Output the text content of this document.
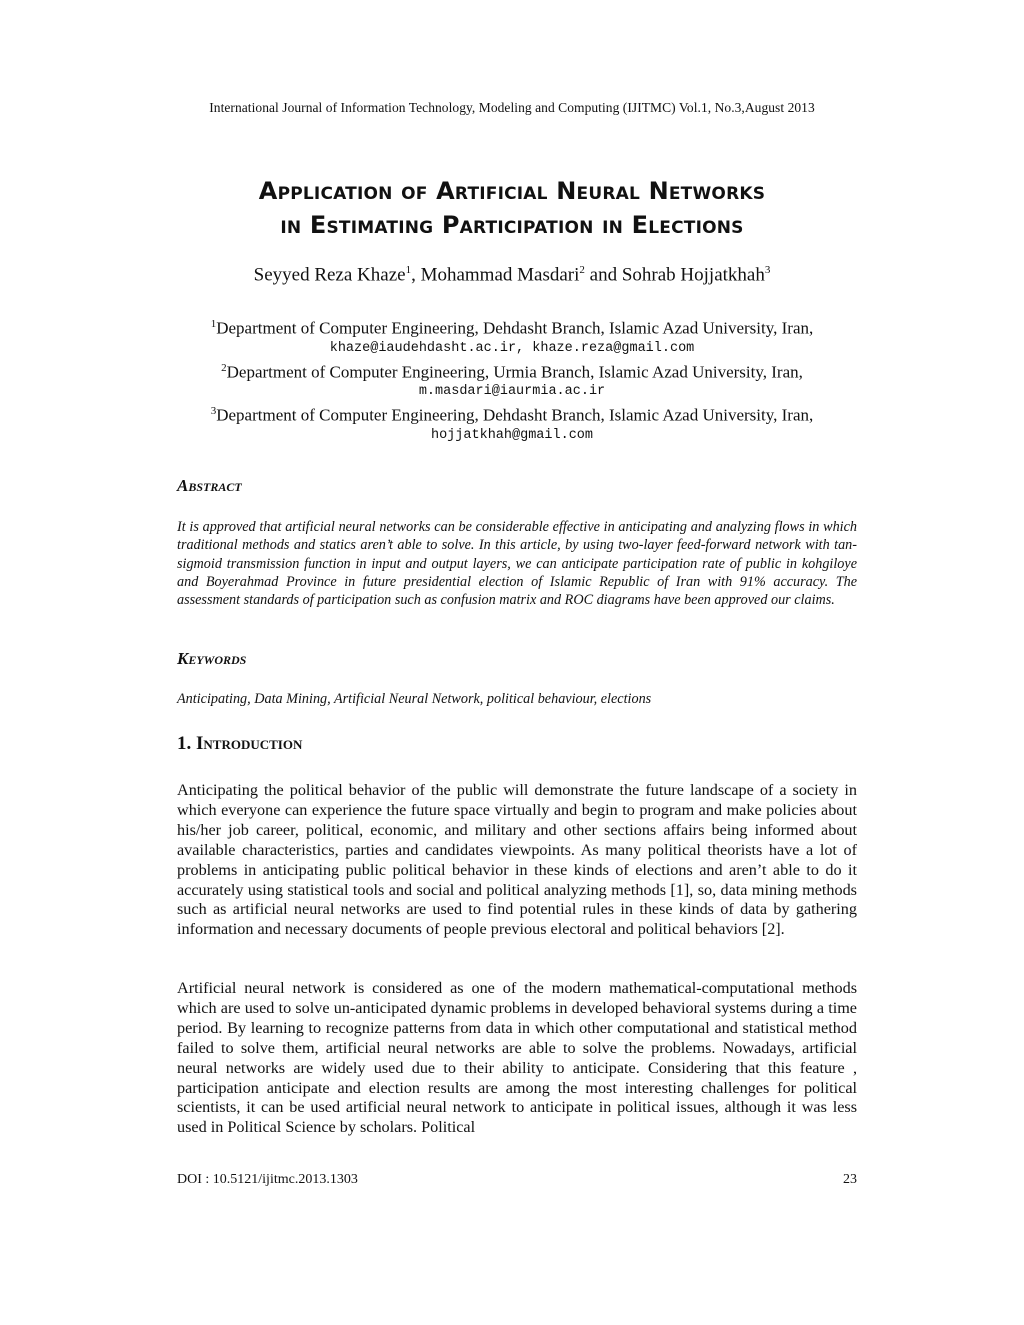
International Journal of Information Technology, Modeling and Computing (IJITMC) Vol.1, No.3,August 2013
Application of Artificial Neural Networks
in Estimating Participation in Elections
Seyyed Reza Khaze$^1$, Mohammad Masdari$^2$ and Sohrab Hojjatkhah$^3$
$^1$Department of Computer Engineering, Dehdasht Branch, Islamic Azad University, Iran,
khaze@iaudehdasht.ac.ir, khaze.reza@gmail.com
$^2$Department of Computer Engineering, Urmia Branch, Islamic Azad University, Iran,
m.masdari@iaurmia.ac.ir
$^3$Department of Computer Engineering, Dehdasht Branch, Islamic Azad University, Iran,
hojjatkhah@gmail.com
Abstract
It is approved that artificial neural networks can be considerable effective in anticipating and analyzing flows in which traditional methods and statics aren’t able to solve. In this article, by using two-layer feed-forward network with tan-sigmoid transmission function in input and output layers, we can anticipate participation rate of public in kohgiloye and Boyerahmad Province in future presidential election of Islamic Republic of Iran with 91% accuracy. The assessment standards of participation such as confusion matrix and ROC diagrams have been approved our claims.
Keywords
Anticipating, Data Mining, Artificial Neural Network, political behaviour, elections
1. Introduction
Anticipating the political behavior of the public will demonstrate the future landscape of a society in which everyone can experience the future space virtually and begin to program and make policies about his/her job career, political, economic, and military and other sections affairs being informed about available characteristics, parties and candidates viewpoints. As many political theorists have a lot of problems in anticipating public political behavior in these kinds of elections and aren’t able to do it accurately using statistical tools and social and political analyzing methods [1], so, data mining methods such as artificial neural networks are used to find potential rules in these kinds of data by gathering information and necessary documents of people previous electoral and political behaviors [2].
Artificial neural network is considered as one of the modern mathematical-computational methods which are used to solve un-anticipated dynamic problems in developed behavioral systems during a time period. By learning to recognize patterns from data in which other computational and statistical method failed to solve them, artificial neural networks are able to solve the problems. Nowadays, artificial neural networks are widely used due to their ability to anticipate. Considering that this feature , participation anticipate and election results are among the most interesting challenges for political scientists, it can be used artificial neural network to anticipate in political issues, although it was less used in Political Science by scholars. Political
DOI : 10.5121/ijitmc.2013.1303	23
